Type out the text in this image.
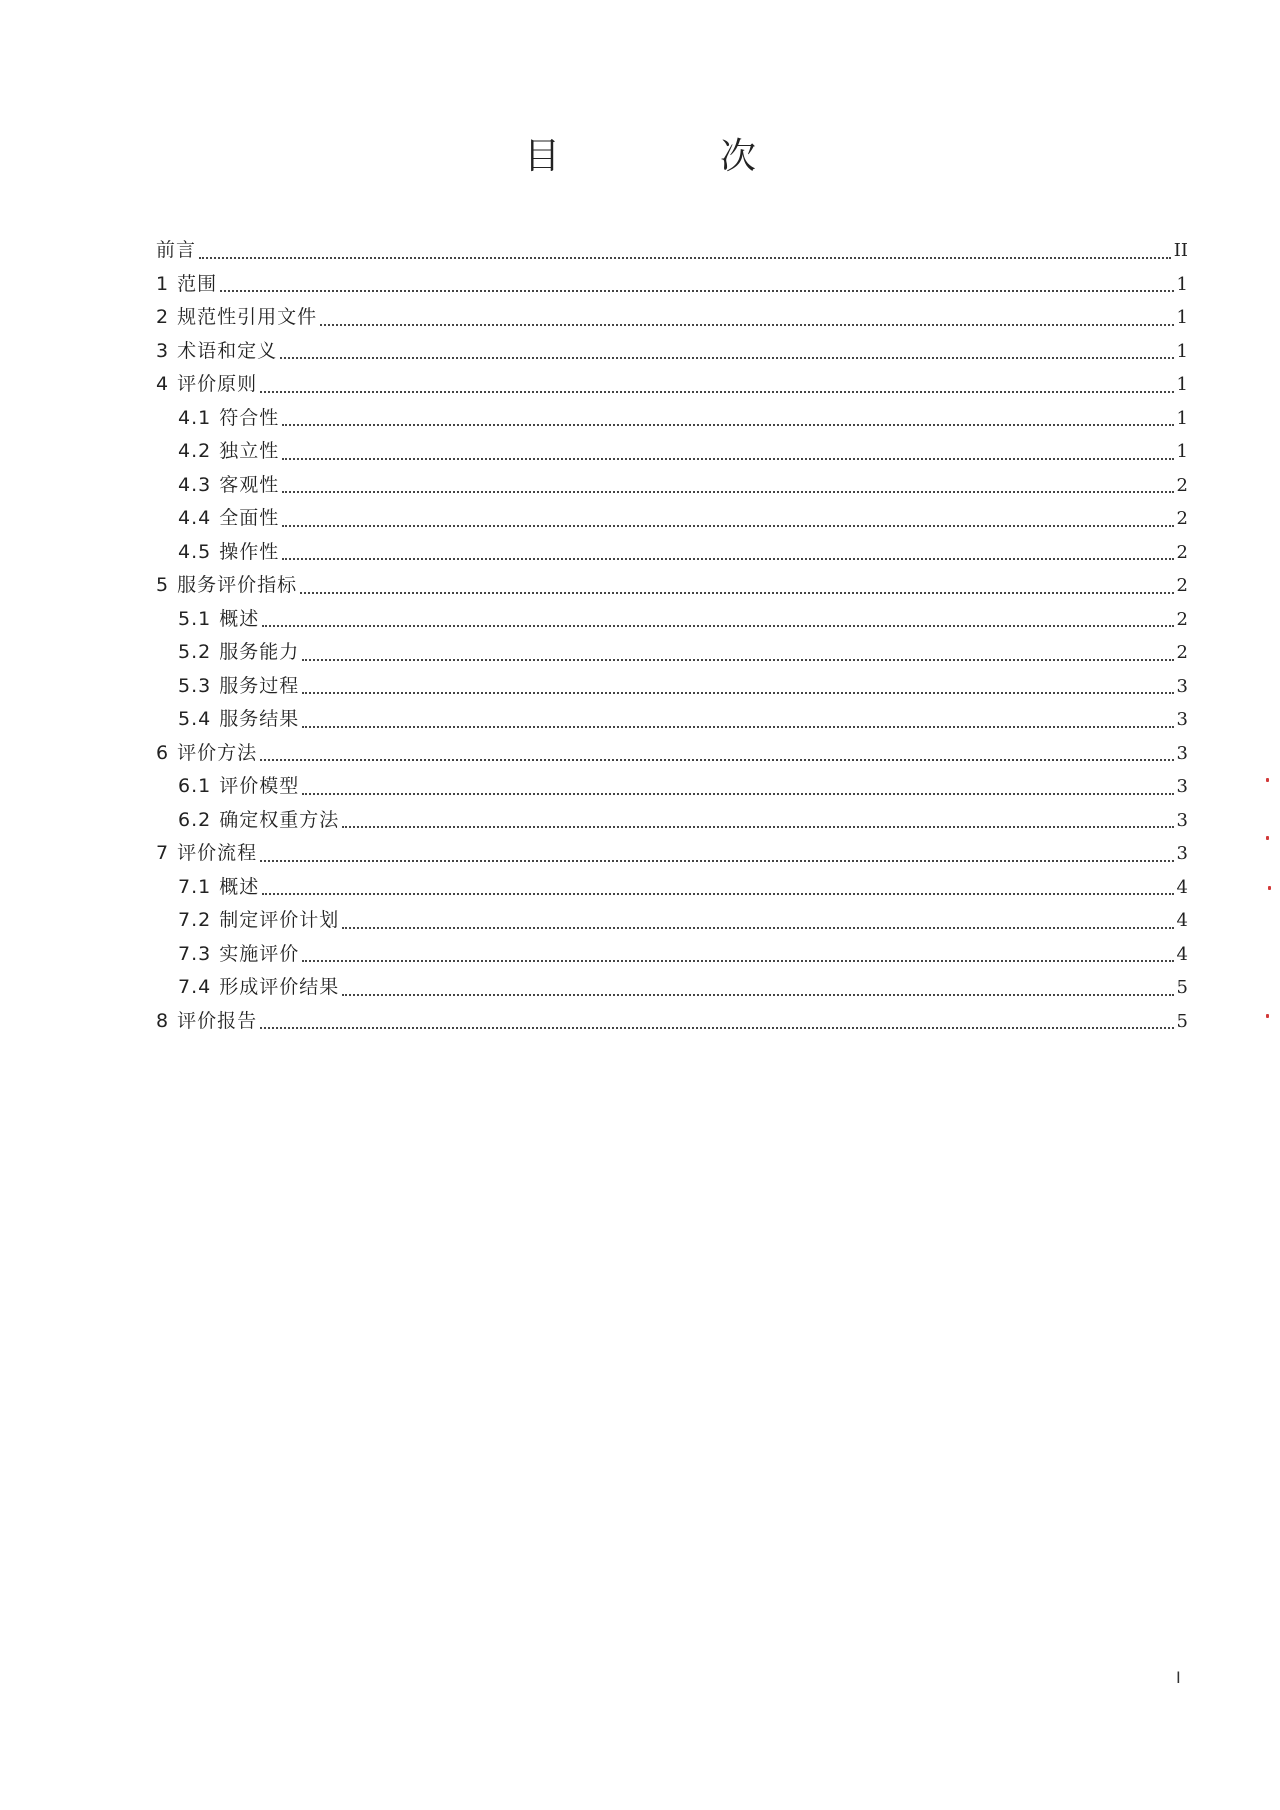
目　次
前言	II
1 范围	1
2 规范性引用文件	1
3 术语和定义	1
4 评价原则	1
4.1 符合性	1
4.2 独立性	1
4.3 客观性	2
4.4 全面性	2
4.5 操作性	2
5 服务评价指标	2
5.1 概述	2
5.2 服务能力	2
5.3 服务过程	3
5.4 服务结果	3
6 评价方法	3
6.1 评价模型	3
6.2 确定权重方法	3
7 评价流程	3
7.1 概述	4
7.2 制定评价计划	4
7.3 实施评价	4
7.4 形成评价结果	5
8 评价报告	5
I
